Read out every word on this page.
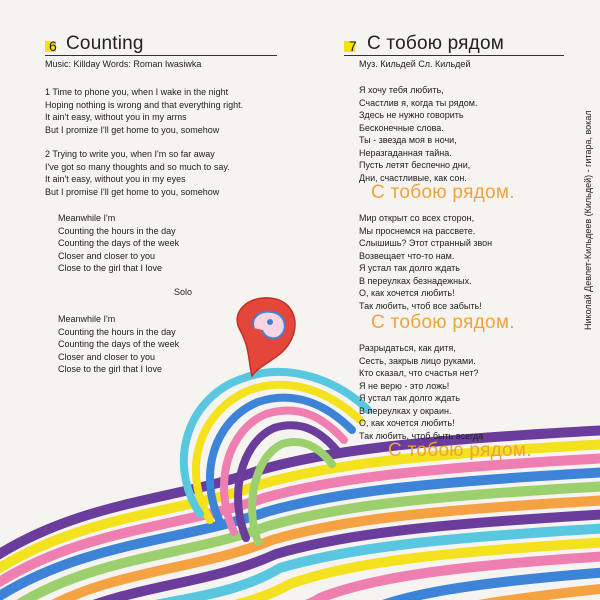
6 Counting
Music: Killday Words: Roman Iwasiwka
1 Time to phone you, when I wake in the night
Hoping nothing is wrong and that everything right.
It ain't easy, without you in my arms
But I promize I'll get home to you, somehow
2 Trying to write you, when I'm so far away
I've got so many thoughts and so much to say.
It ain't easy, without you in my eyes
But I promise I'll get home to you, somehow
Meanwhile I'm
Counting the hours in the day
Counting the days of the week
Closer and closer to you
Close to the girl that I love
Solo
Meanwhile I'm
Counting the hours in the day
Counting the days of the week
Closer and closer to you
Close to the girl that I love
7 С тобою рядом
Муз. Кильдей Сл. Кильдей
Я хочу тебя любить,
Счастлив я, когда ты рядом.
Здесь не нужно говорить
Бесконечные слова.
Ты - звезда моя в ночи,
Неразгаданная тайна.
Пусть летят беспечно дни,
Дни, счастливые, как сон.
С тобою рядом.
Мир открыт со всех сторон,
Мы проснемся на рассвете.
Слышишь? Этот странный звон
Возвещает что-то нам.
Я устал так долго ждать
В переулках безнадежных.
О, как хочется любить!
Так любить, чтоб все забыть!
С тобою рядом.
Разрыдаться, как дитя,
Сесть, закрыв лицо руками.
Кто сказал, что счастья нет?
Я не верю - это ложь!
Я устал так долго ждать
В переулках у окраин.
О, как хочется любить!
Так любить, чтоб быть всегда
С тобою рядом.
Николай Девлет-Кильдеев (Кильдей) - гитара, вокал
